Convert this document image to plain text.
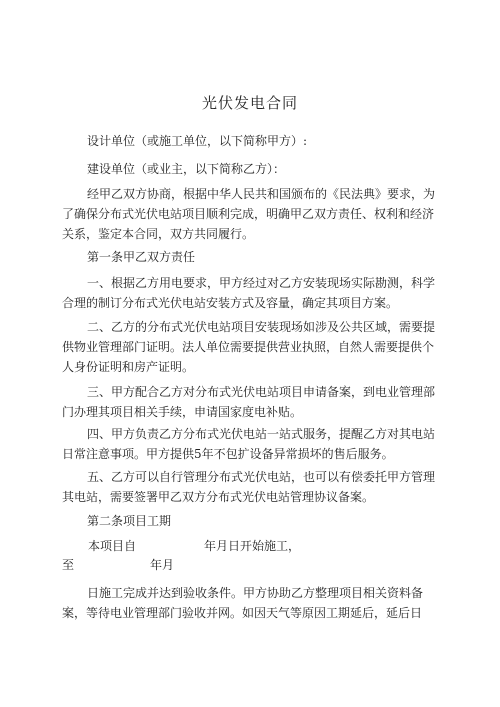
光伏发电合同

设计单位（或施工单位，以下简称甲方）:

建设单位（或业主，以下简称乙方）：

经甲乙双方协商，根据中华人民共和国颁布的《民法典》要求，为了确保分布式光伏电站项目顺利完成，明确甲乙双方责任、权利和经济关系，鉴定本合同，双方共同履行。

第一条甲乙双方责任

一、根据乙方用电要求，甲方经过对乙方安装现场实际勘测，科学合理的制订分布式光伏电站安装方式及容量，确定其项目方案。

二、乙方的分布式光伏电站项目安装现场如涉及公共区域，需要提供物业管理部门证明。法人单位需要提供营业执照，自然人需要提供个人身份证明和房产证明。

三、甲方配合乙方对分布式光伏电站项目申请备案，到电业管理部门办理其项目相关手续，申请国家度电补贴。

四、甲方负责乙方分布式光伏电站一站式服务，提醒乙方对其电站日常注意事项。甲方提供5年不包扩设备异常损坏的售后服务。

五、乙方可以自行管理分布式光伏电站，也可以有偿委托甲方管理其电站，需要签署甲乙双方分布式光伏电站管理协议备案。

第二条项目工期

本项目自	年月日开始施工，
至	年月

日施工完成并达到验收条件。甲方协助乙方整理项目相关资料备案，等待电业管理部门验收并网。如因天气等原因工期延后，延后日
